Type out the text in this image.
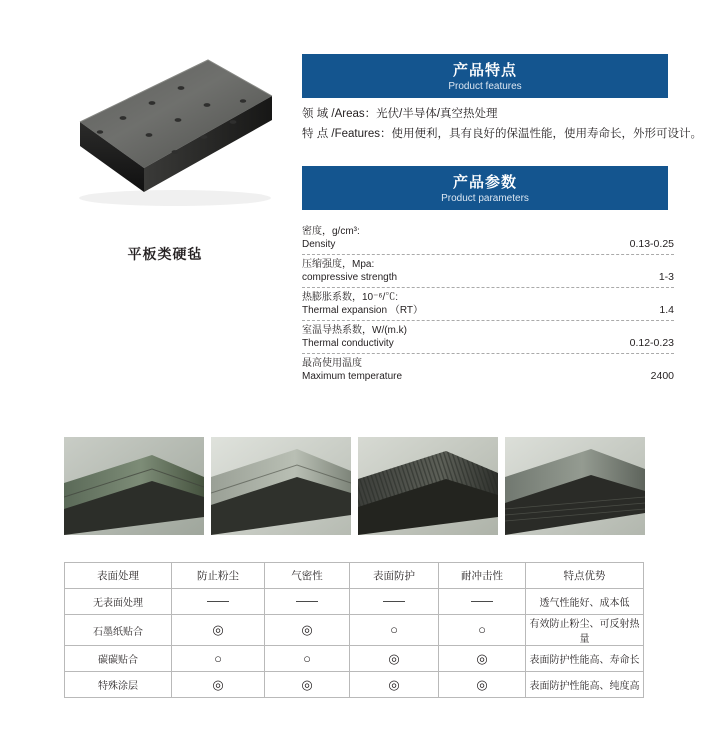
平板类硬毡
产品特点
Product features
领 域 /Areas：光伏/半导体/真空热处理
特 点 /Features：使用便利，具有良好的保温性能，使用寿命长，外形可设计。
产品参数
Product parameters
密度，g/cm³:
Density	0.13-0.25
压缩强度，Mpa:
compressive strength	1-3
热膨胀系数，10⁻⁶/℃:
Thermal expansion （RT）	1.4
室温导热系数，W/(m.k)
Thermal conductivity	0.12-0.23
最高使用温度
Maximum temperature	2400
表面处理	防止粉尘	气密性	表面防护	耐冲击性	特点优势
无表面处理					透气性能好、成本低
石墨纸贴合	◎	◎	○	○	有效防止粉尘、可反射热量
碳碳贴合	○	○	◎	◎	表面防护性能高、寿命长
特殊涂层	◎	◎	◎	◎	表面防护性能高、纯度高
